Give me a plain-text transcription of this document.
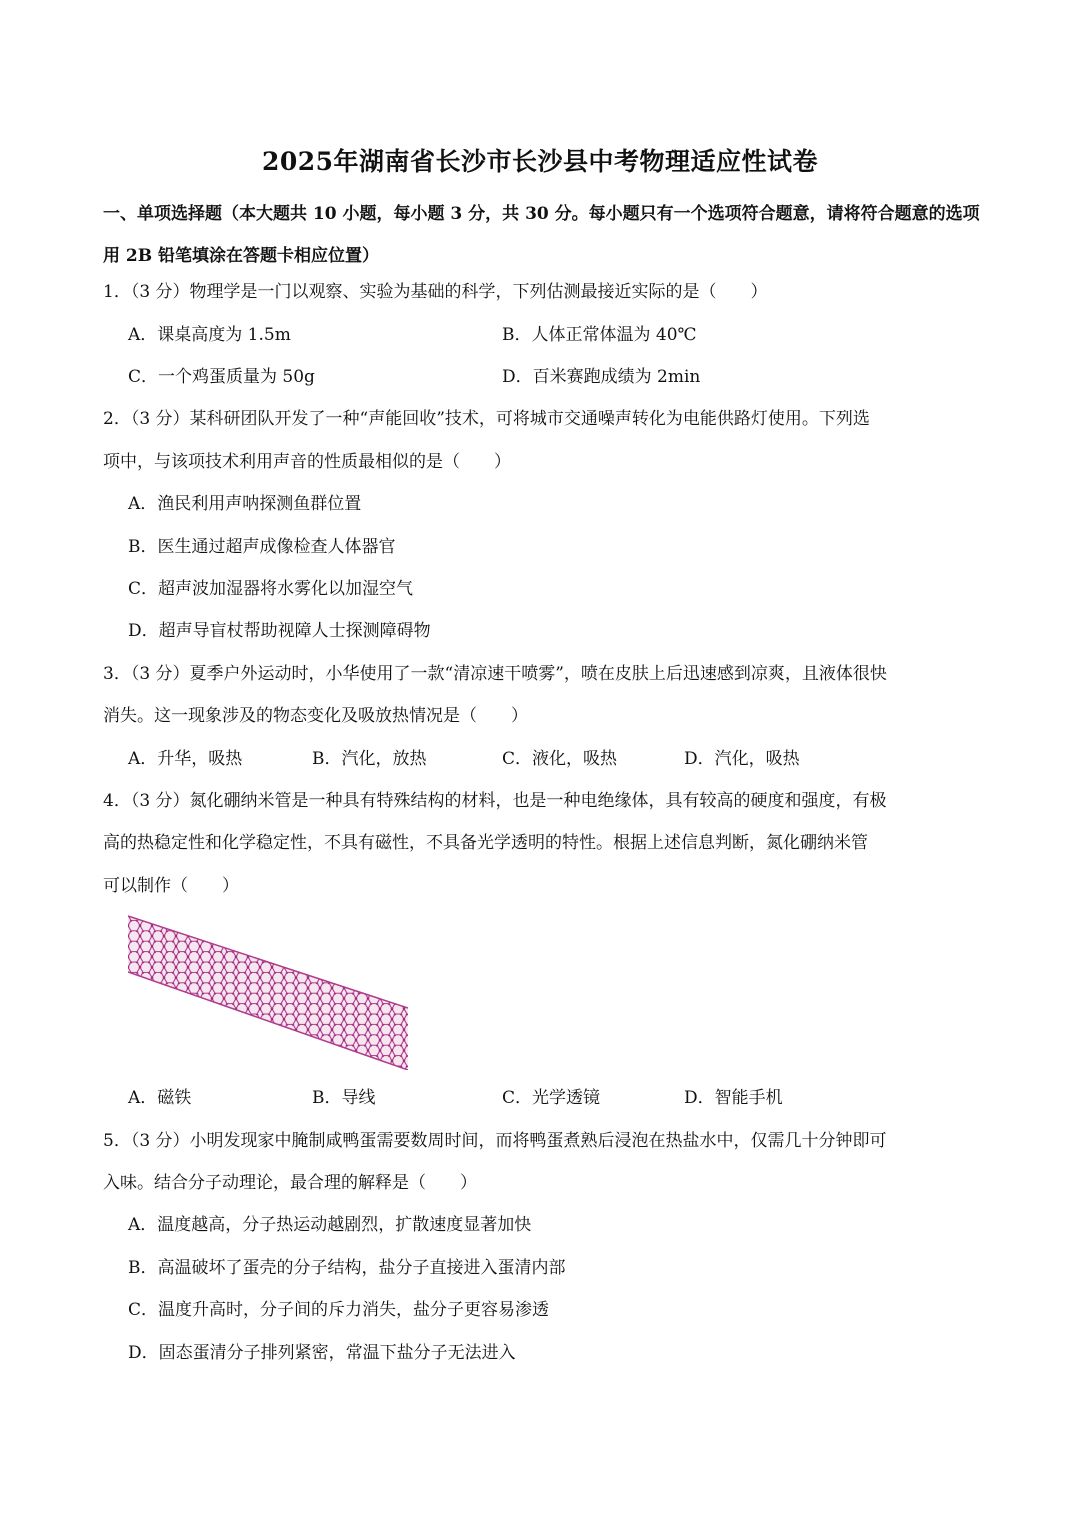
2025年湖南省长沙市长沙县中考物理适应性试卷
一、单项选择题（本大题共 10 小题，每小题 3 分，共 30 分。每小题只有一个选项符合题意，请将符合题意的选项用 2B 铅笔填涂在答题卡相应位置）
1．（3 分）物理学是一门以观察、实验为基础的科学，下列估测最接近实际的是（　　）
A．课桌高度为 1.5m	B．人体正常体温为 40℃
C．一个鸡蛋质量为 50g	D．百米赛跑成绩为 2min
2．（3 分）某科研团队开发了一种“声能回收”技术，可将城市交通噪声转化为电能供路灯使用。下列选
项中，与该项技术利用声音的性质最相似的是（　　）
A．渔民利用声呐探测鱼群位置
B．医生通过超声成像检查人体器官
C．超声波加湿器将水雾化以加湿空气
D．超声导盲杖帮助视障人士探测障碍物
3．（3 分）夏季户外运动时，小华使用了一款“清凉速干喷雾”，喷在皮肤上后迅速感到凉爽，且液体很快
消失。这一现象涉及的物态变化及吸放热情况是（　　）
A．升华，吸热	B．汽化，放热	C．液化，吸热	D．汽化，吸热
4．（3 分）氮化硼纳米管是一种具有特殊结构的材料，也是一种电绝缘体，具有较高的硬度和强度，有极
高的热稳定性和化学稳定性，不具有磁性，不具备光学透明的特性。根据上述信息判断，氮化硼纳米管
可以制作（　　）
A．磁铁	B．导线	C．光学透镜	D．智能手机
5．（3 分）小明发现家中腌制咸鸭蛋需要数周时间，而将鸭蛋煮熟后浸泡在热盐水中，仅需几十分钟即可
入味。结合分子动理论，最合理的解释是（　　）
A．温度越高，分子热运动越剧烈，扩散速度显著加快
B．高温破坏了蛋壳的分子结构，盐分子直接进入蛋清内部
C．温度升高时，分子间的斥力消失，盐分子更容易渗透
D．固态蛋清分子排列紧密，常温下盐分子无法进入
